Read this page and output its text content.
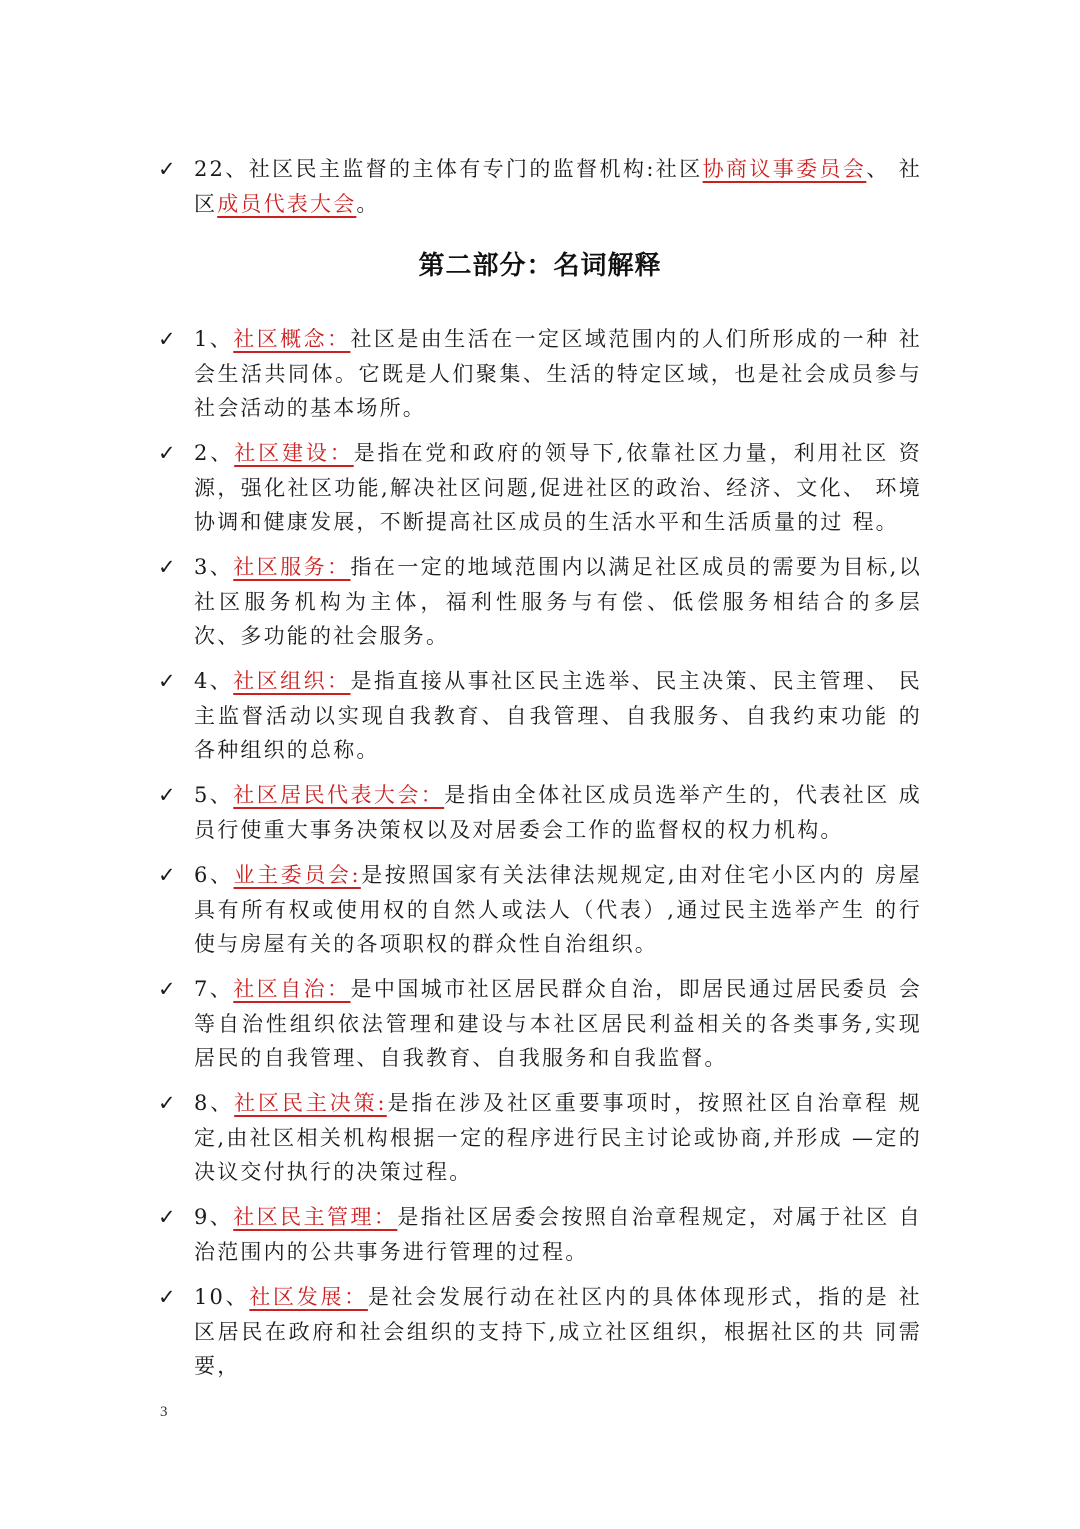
✓ 22、社区民主监督的主体有专门的监督机构:社区协商议事委员会、 社区成员代表大会。
第二部分：名词解释
✓ 1、社区概念：社区是由生活在一定区域范围内的人们所形成的一种 社会生活共同体。它既是人们聚集、生活的特定区域，也是社会成员参与社会活动的基本场所。
✓ 2、社区建设：是指在党和政府的领导下,依靠社区力量，利用社区 资源，强化社区功能,解决社区问题,促进社区的政治、经济、文化、 环境协调和健康发展，不断提高社区成员的生活水平和生活质量的过 程。
✓ 3、社区服务：指在一定的地域范围内以满足社区成员的需要为目标,以社区服务机构为主体，福利性服务与有偿、低偿服务相结合的多层 次、多功能的社会服务。
✓ 4、社区组织：是指直接从事社区民主选举、民主决策、民主管理、 民主监督活动以实现自我教育、自我管理、自我服务、自我约束功能 的各种组织的总称。
✓ 5、社区居民代表大会：是指由全体社区成员选举产生的，代表社区 成员行使重大事务决策权以及对居委会工作的监督权的权力机构。
✓ 6、业主委员会:是按照国家有关法律法规规定,由对住宅小区内的 房屋具有所有权或使用权的自然人或法人（代表）,通过民主选举产生 的行使与房屋有关的各项职权的群众性自治组织。
✓ 7、社区自治：是中国城市社区居民群众自治，即居民通过居民委员 会等自治性组织依法管理和建设与本社区居民利益相关的各类事务,实现居民的自我管理、自我教育、自我服务和自我监督。
✓ 8、社区民主决策:是指在涉及社区重要事项时，按照社区自治章程 规定,由社区相关机构根据一定的程序进行民主讨论或协商,并形成 —定的决议交付执行的决策过程。
✓ 9、社区民主管理：是指社区居委会按照自治章程规定，对属于社区 自治范围内的公共事务进行管理的过程。
✓ 10、社区发展：是社会发展行动在社区内的具体体现形式，指的是 社区居民在政府和社会组织的支持下,成立社区组织，根据社区的共 同需要，
3
